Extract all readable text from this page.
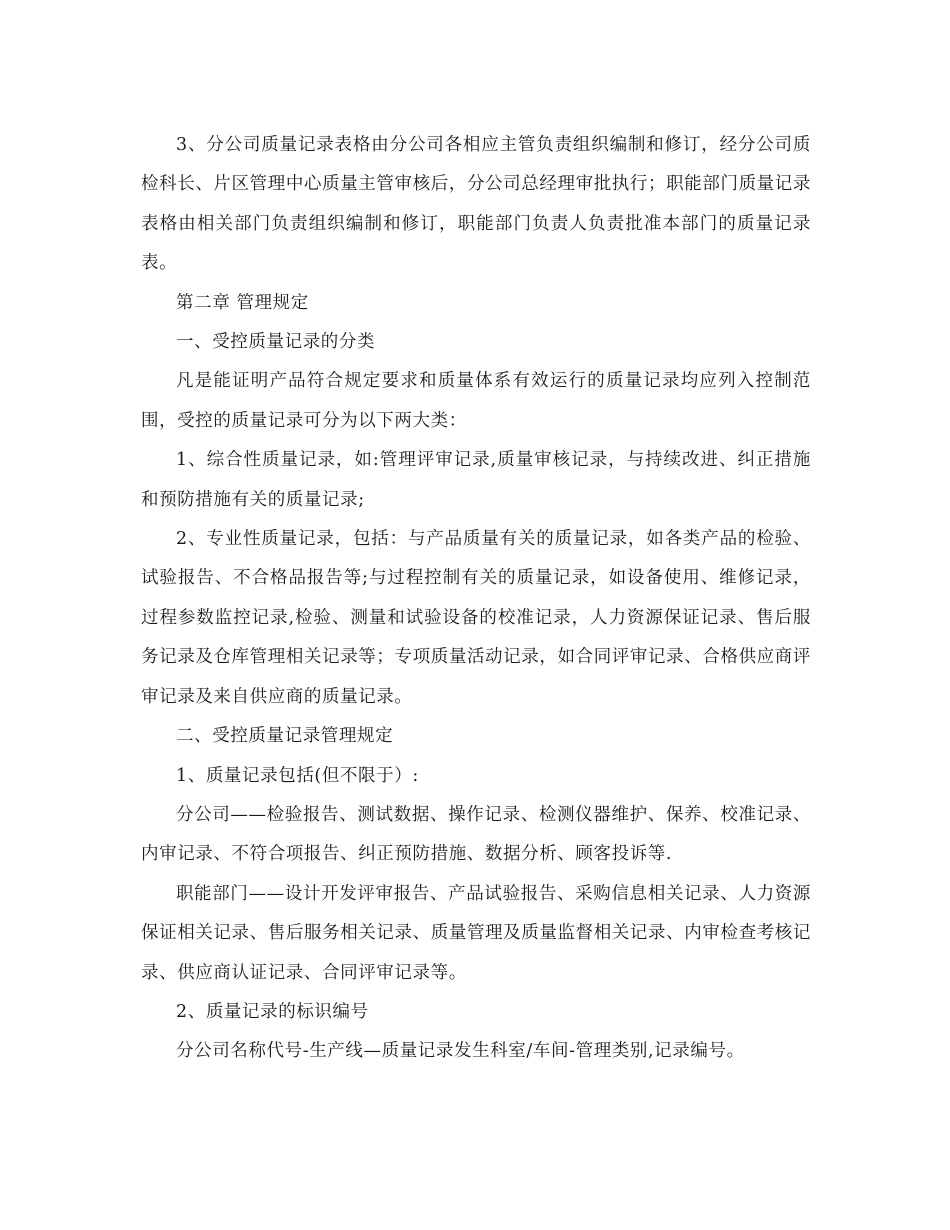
3、分公司质量记录表格由分公司各相应主管负责组织编制和修订，经分公司质检科长、片区管理中心质量主管审核后，分公司总经理审批执行；职能部门质量记录表格由相关部门负责组织编制和修订，职能部门负责人负责批准本部门的质量记录表。

第二章 管理规定

一、受控质量记录的分类

凡是能证明产品符合规定要求和质量体系有效运行的质量记录均应列入控制范围，受控的质量记录可分为以下两大类：

1、综合性质量记录，如:管理评审记录,质量审核记录，与持续改进、纠正措施和预防措施有关的质量记录;

2、专业性质量记录，包括：与产品质量有关的质量记录，如各类产品的检验、试验报告、不合格品报告等;与过程控制有关的质量记录，如设备使用、维修记录，过程参数监控记录,检验、测量和试验设备的校准记录，人力资源保证记录、售后服务记录及仓库管理相关记录等；专项质量活动记录，如合同评审记录、合格供应商评审记录及来自供应商的质量记录。

二、受控质量记录管理规定

1、质量记录包括(但不限于）:

分公司——检验报告、测试数据、操作记录、检测仪器维护、保养、校准记录、内审记录、不符合项报告、纠正预防措施、数据分析、顾客投诉等.

职能部门——设计开发评审报告、产品试验报告、采购信息相关记录、人力资源保证相关记录、售后服务相关记录、质量管理及质量监督相关记录、内审检查考核记录、供应商认证记录、合同评审记录等。

2、质量记录的标识编号

分公司名称代号-生产线—质量记录发生科室/车间-管理类别,记录编号。
